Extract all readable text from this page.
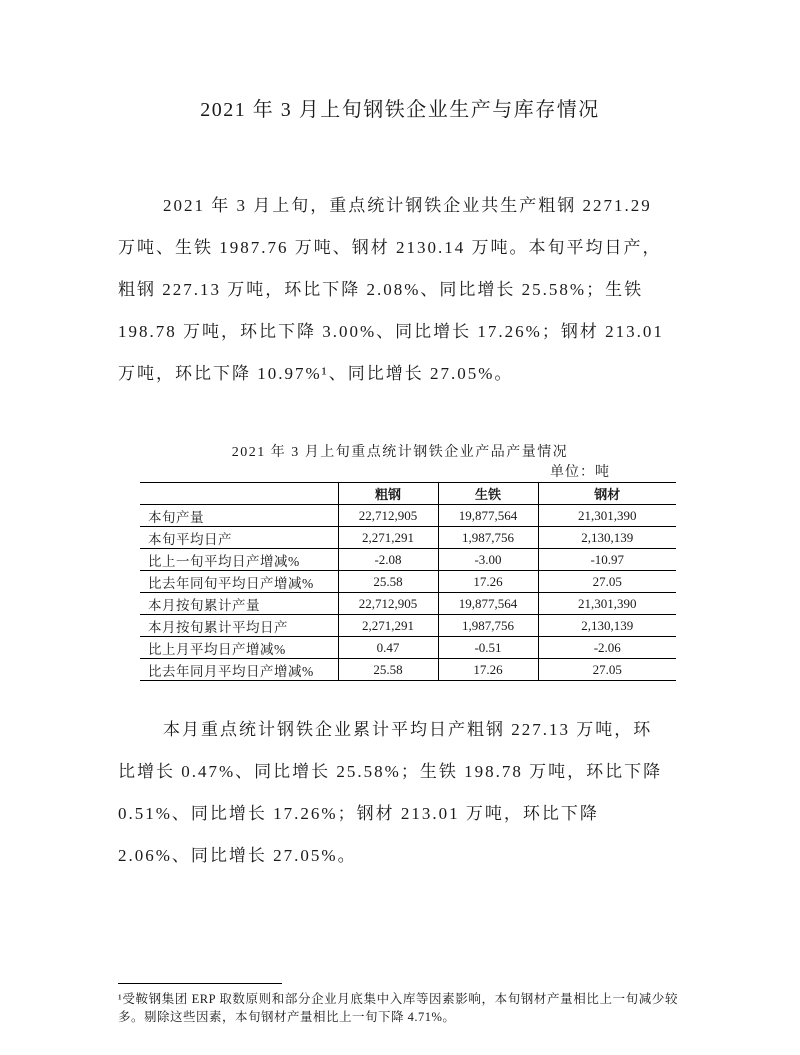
2021 年 3 月上旬钢铁企业生产与库存情况
2021 年 3 月上旬，重点统计钢铁企业共生产粗钢 2271.29
万吨、生铁 1987.76 万吨、钢材 2130.14 万吨。本旬平均日产，
粗钢 227.13 万吨，环比下降 2.08%、同比增长 25.58%；生铁
198.78 万吨，环比下降 3.00%、同比增长 17.26%；钢材 213.01
万吨，环比下降 10.97%¹、同比增长 27.05%。
2021 年 3 月上旬重点统计钢铁企业产品产量情况
单位：吨
	粗钢	生铁	钢材
本旬产量	22,712,905	19,877,564	21,301,390
本旬平均日产	2,271,291	1,987,756	2,130,139
比上一旬平均日产增减%	-2.08	-3.00	-10.97
比去年同旬平均日产增减%	25.58	17.26	27.05
本月按旬累计产量	22,712,905	19,877,564	21,301,390
本月按旬累计平均日产	2,271,291	1,987,756	2,130,139
比上月平均日产增减%	0.47	-0.51	-2.06
比去年同月平均日产增减%	25.58	17.26	27.05
本月重点统计钢铁企业累计平均日产粗钢 227.13 万吨，环
比增长 0.47%、同比增长 25.58%；生铁 198.78 万吨，环比下降
0.51%、同比增长 17.26%；钢材 213.01 万吨，环比下降
2.06%、同比增长 27.05%。
¹受鞍钢集团 ERP 取数原则和部分企业月底集中入库等因素影响，本旬钢材产量相比上一旬减少较多。剔除这些因素，本旬钢材产量相比上一旬下降 4.71%。
